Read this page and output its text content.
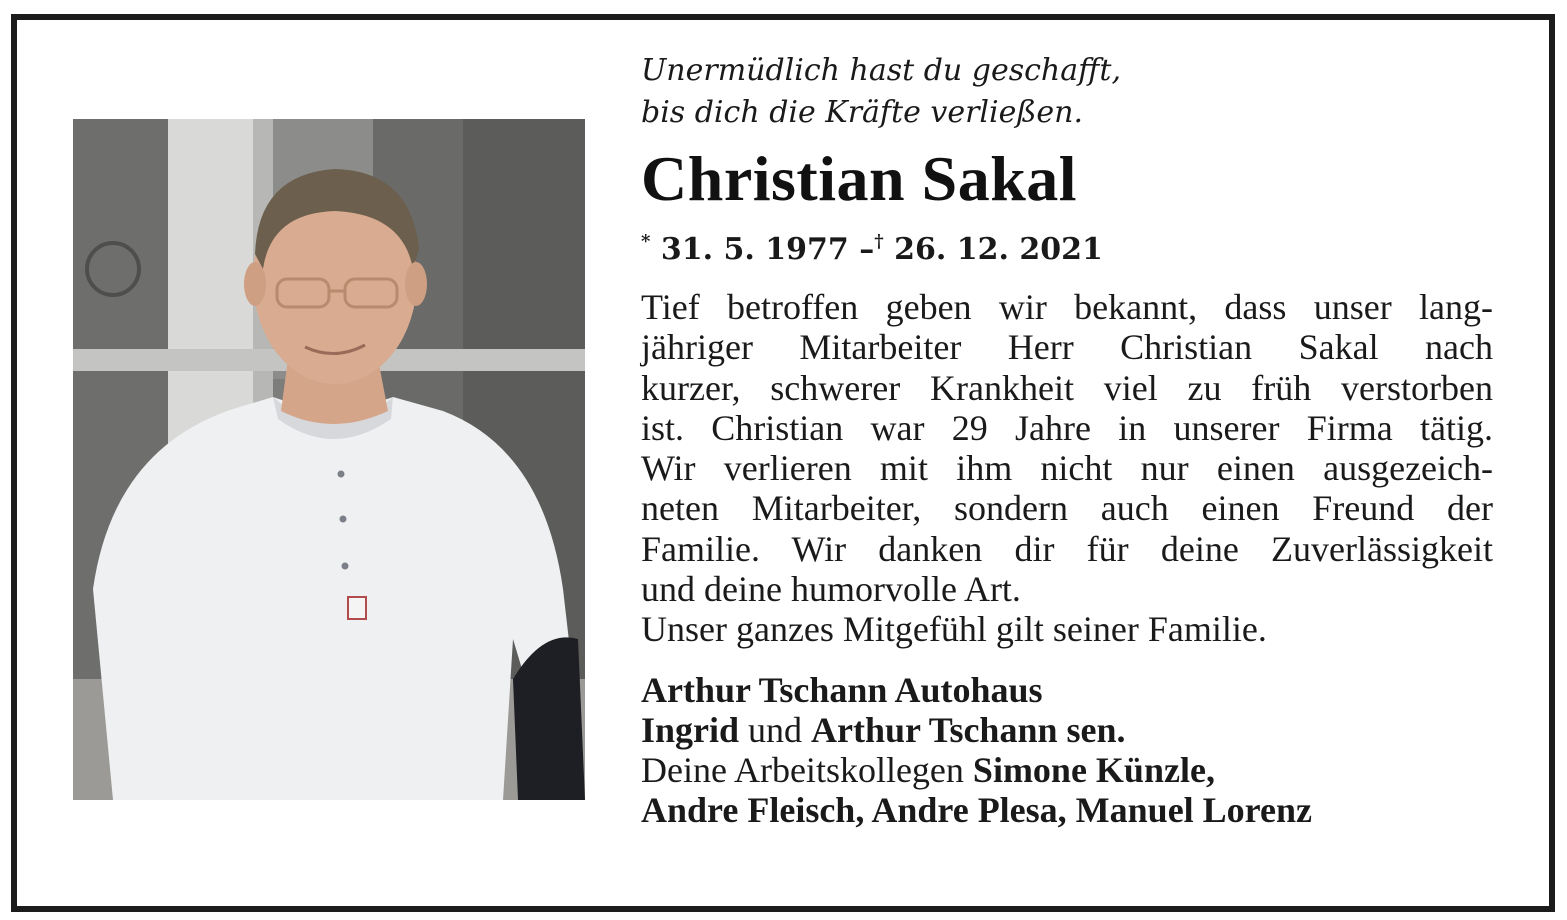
Unermüdlich hast du geschafft,
bis dich die Kräfte verließen.

Christian Sakal

* 31. 5. 1977 –† 26. 12. 2021

Tief betroffen geben wir bekannt, dass unser lang-
jähriger Mitarbeiter Herr Christian Sakal nach
kurzer, schwerer Krankheit viel zu früh verstorben
ist. Christian war 29 Jahre in unserer Firma tätig.
Wir verlieren mit ihm nicht nur einen ausgezeich-
neten Mitarbeiter, sondern auch einen Freund der
Familie. Wir danken dir für deine Zuverlässigkeit
und deine humorvolle Art.
Unser ganzes Mitgefühl gilt seiner Familie.
Arthur Tschann Autohaus
Ingrid und Arthur Tschann sen.
Deine Arbeitskollegen Simone Künzle,
Andre Fleisch, Andre Plesa, Manuel Lorenz
